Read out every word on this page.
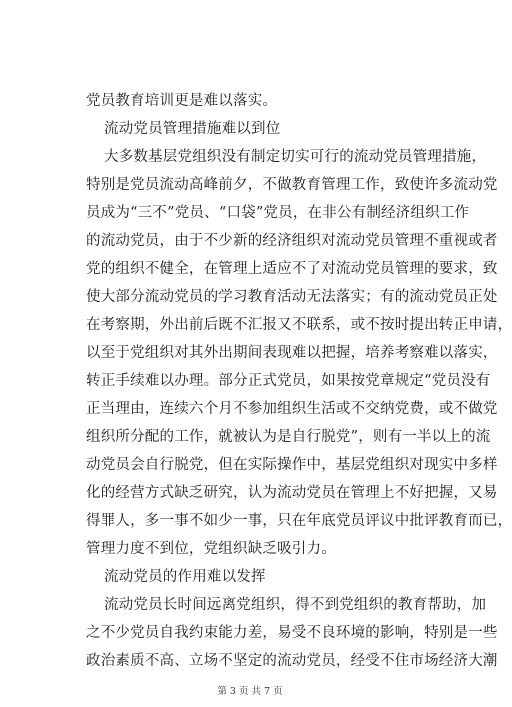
党员教育培训更是难以落实。
流动党员管理措施难以到位
大多数基层党组织没有制定切实可行的流动党员管理措施，
特别是党员流动高峰前夕，不做教育管理工作，致使许多流动党
员成为“三不”党员、“口袋”党员，在非公有制经济组织工作
的流动党员，由于不少新的经济组织对流动党员管理不重视或者
党的组织不健全，在管理上适应不了对流动党员管理的要求，致
使大部分流动党员的学习教育活动无法落实；有的流动党员正处
在考察期，外出前后既不汇报又不联系，或不按时提出转正申请，
以至于党组织对其外出期间表现难以把握，培养考察难以落实，
转正手续难以办理。部分正式党员，如果按党章规定“党员没有
正当理由，连续六个月不参加组织生活或不交纳党费，或不做党
组织所分配的工作，就被认为是自行脱党”，则有一半以上的流
动党员会自行脱党，但在实际操作中，基层党组织对现实中多样
化的经营方式缺乏研究，认为流动党员在管理上不好把握，又易
得罪人，多一事不如少一事，只在年底党员评议中批评教育而已，
管理力度不到位，党组织缺乏吸引力。
流动党员的作用难以发挥
流动党员长时间远离党组织，得不到党组织的教育帮助，加
之不少党员自我约束能力差，易受不良环境的影响，特别是一些
政治素质不高、立场不坚定的流动党员，经受不住市场经济大潮
第 3 页 共 7 页
